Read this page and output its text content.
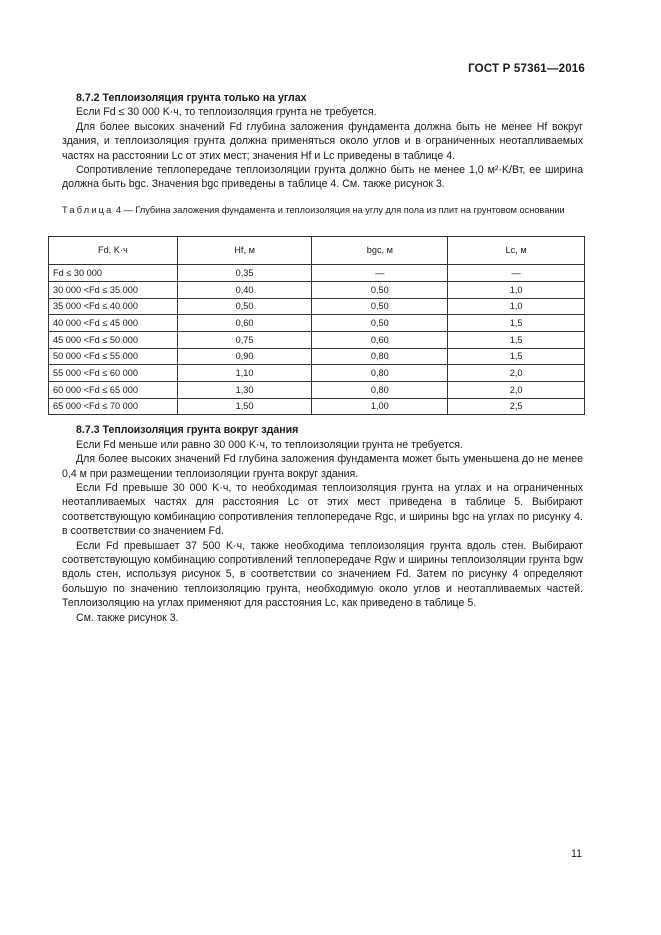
ГОСТ Р 57361—2016

8.7.2 Теплоизоляция грунта только на углах

Если Fd ≤ 30 000 K·ч, то теплоизоляция грунта не требуется.

Для более высоких значений Fd глубина заложения фундамента должна быть не менее Hf вокруг здания, и теплоизоляция грунта должна применяться около углов и в ограниченных неотапливаемых частях на расстоянии Lc от этих мест; значения Hf и Lc приведены в таблице 4.

Сопротивление теплопередаче теплоизоляции грунта должно быть не менее 1,0 м²·K/Вт, ее ширина должна быть bgc. Значения bgc приведены в таблице 4. См. также рисунок 3.

Таблица 4 — Глубина заложения фундамента и теплоизоляция на углу для пола из плит на грунтовом основании

Fd, K·ч	Hf, м	bgc, м	Lc, м
Fd ≤ 30 000	0,35	—	—
30 000 <Fd ≤ 35 000	0,40	0,50	1,0
35 000 <Fd ≤ 40 000	0,50	0,50	1,0
40 000 <Fd ≤ 45 000	0,60	0,50	1,5
45 000 <Fd ≤ 50 000	0,75	0,60	1,5
50 000 <Fd ≤ 55 000	0,90	0,80	1,5
55 000 <Fd ≤ 60 000	1,10	0,80	2,0
60 000 <Fd ≤ 65 000	1,30	0,80	2,0
65 000 <Fd ≤ 70 000	1,50	1,00	2,5

8.7.3 Теплоизоляция грунта вокруг здания

Если Fd меньше или равно 30 000 K·ч, то теплоизоляции грунта не требуется.

Для более высоких значений Fd глубина заложения фундамента может быть уменьшена до не менее 0,4 м при размещении теплоизоляции грунта вокруг здания.

Если Fd превыше 30 000 K·ч, то необходимая теплоизоляция грунта на углах и на ограниченных неотапливаемых частях для расстояния Lc от этих мест приведена в таблице 5. Выбирают соответствующую комбинацию сопротивления теплопередаче Rgc, и ширины bgc на углах по рисунку 4. в соответствии со значением Fd.

Если Fd превышает 37 500 K·ч, также необходима теплоизоляция грунта вдоль стен. Выбирают соответствующую комбинацию сопротивлений теплопередаче Rgw и ширины теплоизоляции грунта bgw вдоль стен, используя рисунок 5, в соответствии со значением Fd. Затем по рисунку 4 определяют большую по значению теплоизоляцию грунта, необходимую около углов и неотапливаемых частей. Теплоизоляцию на углах применяют для расстояния Lc, как приведено в таблице 5.

См. также рисунок 3.

11
